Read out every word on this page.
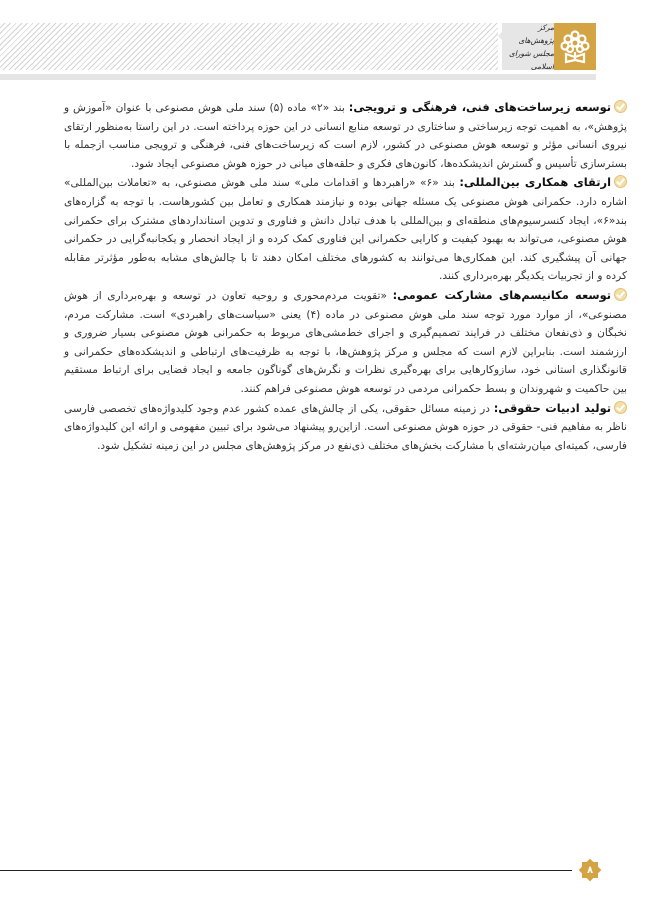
مرکز پژوهش‌های
مجلس شورای اسلامی

توسعه زیرساخت‌های فنی، فرهنگی و ترویجی: بند «۲» ماده (۵) سند ملی هوش مصنوعی با عنوان «آموزش و پژوهش»، به اهمیت توجه زیرساختی و ساختاری در توسعه منابع انسانی در این حوزه پرداخته است. در این راستا به‌منظور ارتقای نیروی انسانی مؤثر و توسعه هوش مصنوعی در کشور، لازم است که زیرساخت‌های فنی، فرهنگی و ترویجی مناسب ازجمله با بسترسازی تأسیس و گسترش اندیشکده‌ها، کانون‌های فکری و حلقه‌های میانی در حوزه هوش مصنوعی ایجاد شود.

ارتقای همکاری بین‌المللی: بند «۶» «راهبردها و اقدامات ملی» سند ملی هوش مصنوعی، به «تعاملات بین‌المللی» اشاره دارد. حکمرانی هوش مصنوعی یک مسئله جهانی بوده و نیازمند همکاری و تعامل بین کشورهاست. با توجه به گزاره‌های بند«۶»، ایجاد کنسرسیوم‌های منطقه‌ای و بین‌المللی با هدف تبادل دانش و فناوری و تدوین استانداردهای مشترک برای حکمرانی هوش مصنوعی، می‌تواند به بهبود کیفیت و کارایی حکمرانی این فناوری کمک کرده و از ایجاد انحصار و یکجانبه‌گرایی در حکمرانی جهانی آن پیشگیری کند. این همکاری‌ها می‌توانند به کشورهای مختلف امکان دهند تا با چالش‌های مشابه به‌طور مؤثرتر مقابله کرده و از تجربیات یکدیگر بهره‌برداری کنند.

توسعه مکانیسم‌های مشارکت عمومی: «تقویت مردم‌محوری و روحیه تعاون در توسعه و بهره‌برداری از هوش مصنوعی»، از موارد مورد توجه سند ملی هوش مصنوعی در ماده (۴) یعنی «سیاست‌های راهبردی» است. مشارکت مردم، نخبگان و ذی‌نفعان مختلف در فرایند تصمیم‌گیری و اجرای خط‌مشی‌های مربوط به حکمرانی هوش مصنوعی بسیار ضروری و ارزشمند است. بنابراین لازم است که مجلس و مرکز پژوهش‌ها، با توجه به ظرفیت‌های ارتباطی و اندیشکده‌های حکمرانی و قانونگذاری استانی خود، سازوکارهایی برای بهره‌گیری نظرات و نگرش‌های گوناگون جامعه و ایجاد فضایی برای ارتباط مستقیم بین حاکمیت و شهروندان و بسط حکمرانی مردمی در توسعه هوش مصنوعی فراهم کنند.

تولید ادبیات حقوقی: در زمینه مسائل حقوقی، یکی از چالش‌های عمده کشور عدم وجود کلیدواژه‌های تخصصی فارسی ناظر به مفاهیم فنی- حقوقی در حوزه هوش مصنوعی است. ازاین‌رو پیشنهاد می‌شود برای تبیین مفهومی و ارائه این کلیدواژه‌های فارسی، کمیته‌ای میان‌رشته‌ای با مشارکت بخش‌های مختلف ذی‌نفع در مرکز پژوهش‌های مجلس در این زمینه تشکیل شود.

۸
